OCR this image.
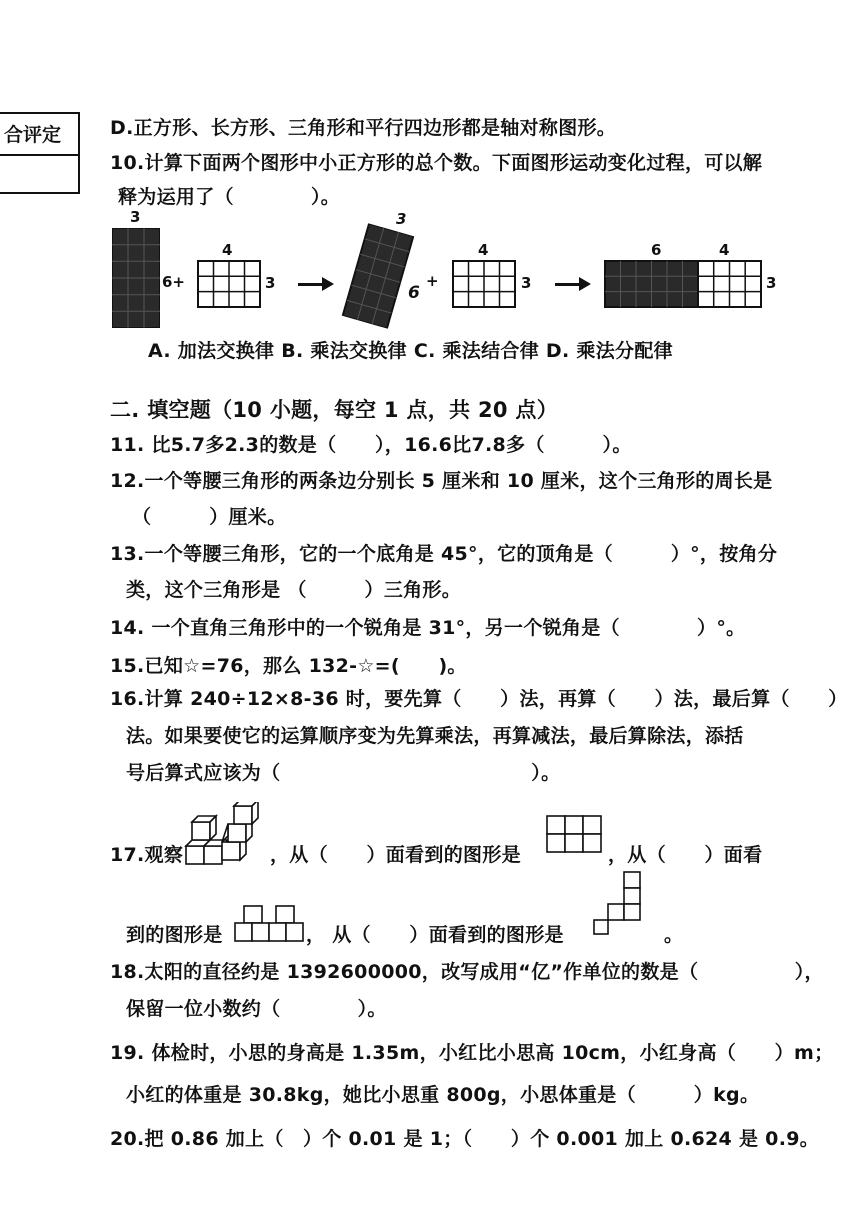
合评定	D.正方形、长方形、三角形和平行四边形都是轴对称图形。
10.计算下面两个图形中小正方形的总个数。下面图形运动变化过程，可以解
释为运用了（　　　　）。
3
6+
4
3
3
6
+
4
3
6	4
3
A. 加法交换律 B. 乘法交换律 C. 乘法结合律 D. 乘法分配律
二. 填空题（10 小题，每空 1 点，共 20 点）
11. 比5.7多2.3的数是（　　），16.6比7.8多（　　　）。
12.一个等腰三角形的两条边分别长 5 厘米和 10 厘米，这个三角形的周长是
（　　　）厘米。
13.一个等腰三角形，它的一个底角是 45°，它的顶角是（　　　）°，按角分
类，这个三角形是 （　　　）三角形。
14. 一个直角三角形中的一个锐角是 31°，另一个锐角是（　　　　）°。
15.已知☆=76，那么 132-☆=(　　)。
16.计算 240÷12×8-36 时，要先算（　　）法，再算（　　）法，最后算（　　）
法。如果要使它的运算顺序变为先算乘法，再算减法，最后算除法，添括
号后算式应该为（　　　　　　　　　　　　　）。
17.观察	，从（　　）面看到的图形是	，从（　　）面看
到的图形是	， 从（　　）面看到的图形是	。
18.太阳的直径约是 1392600000，改写成用“亿”作单位的数是（　　　　　），
保留一位小数约（　　　　）。
19. 体检时，小思的身高是 1.35m，小红比小思高 10cm，小红身高（　　）m；
小红的体重是 30.8kg，她比小思重 800g，小思体重是（　　　）kg。
20.把 0.86 加上（　）个 0.01 是 1；（　　）个 0.001 加上 0.624 是 0.9。
